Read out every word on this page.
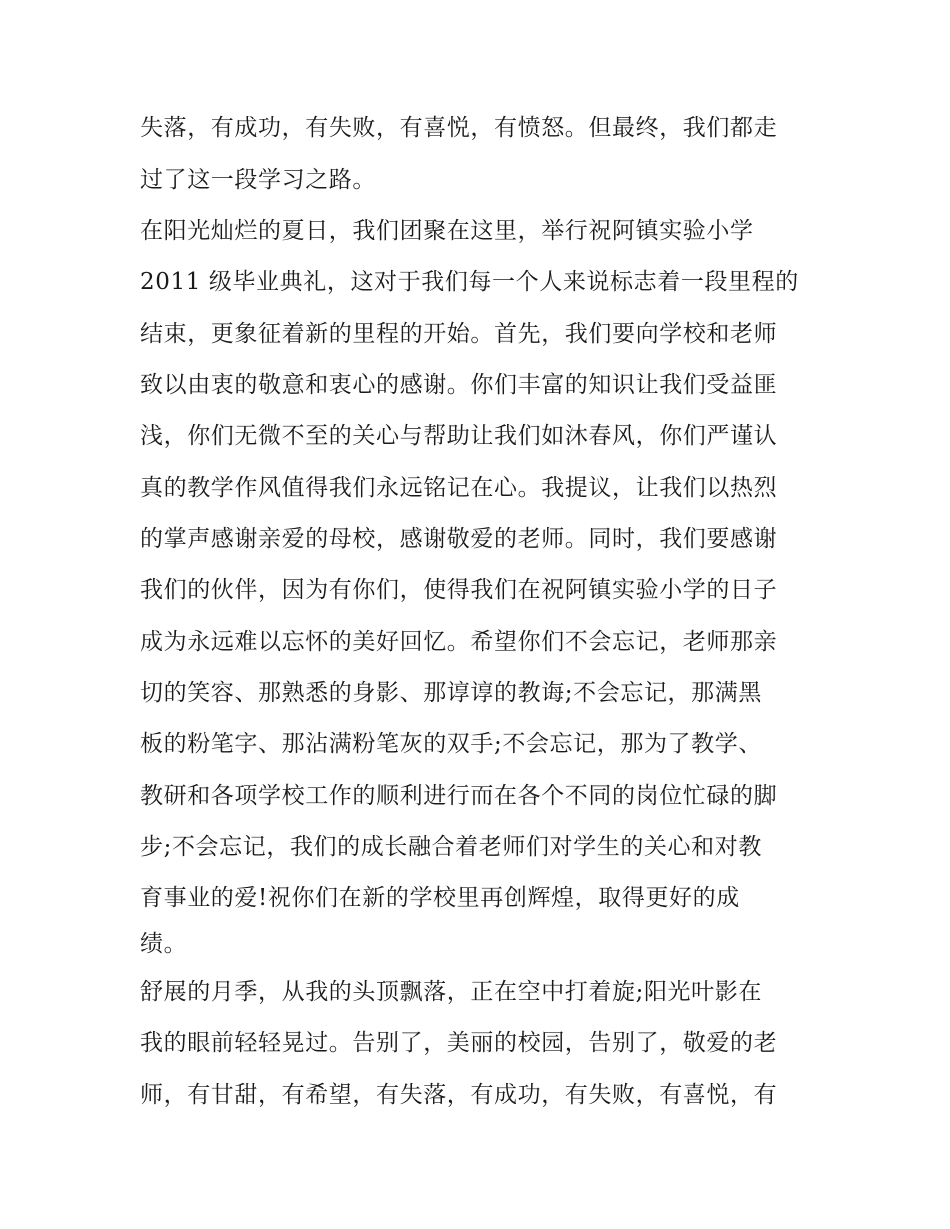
失落，有成功，有失败，有喜悦，有愤怒。但最终，我们都走

过了这一段学习之路。

在阳光灿烂的夏日，我们团聚在这里，举行祝阿镇实验小学

2011 级毕业典礼，这对于我们每一个人来说标志着一段里程的

结束，更象征着新的里程的开始。首先，我们要向学校和老师

致以由衷的敬意和衷心的感谢。你们丰富的知识让我们受益匪

浅，你们无微不至的关心与帮助让我们如沐春风，你们严谨认

真的教学作风值得我们永远铭记在心。我提议，让我们以热烈

的掌声感谢亲爱的母校，感谢敬爱的老师。同时，我们要感谢

我们的伙伴，因为有你们，使得我们在祝阿镇实验小学的日子

成为永远难以忘怀的美好回忆。希望你们不会忘记，老师那亲

切的笑容、那熟悉的身影、那谆谆的教诲;不会忘记，那满黑

板的粉笔字、那沾满粉笔灰的双手;不会忘记，那为了教学、

教研和各项学校工作的顺利进行而在各个不同的岗位忙碌的脚

步;不会忘记，我们的成长融合着老师们对学生的关心和对教

育事业的爱!祝你们在新的学校里再创辉煌，取得更好的成

绩。

舒展的月季，从我的头顶飘落，正在空中打着旋;阳光叶影在

我的眼前轻轻晃过。告别了，美丽的校园，告别了，敬爱的老

师，有甘甜，有希望，有失落，有成功，有失败，有喜悦，有
